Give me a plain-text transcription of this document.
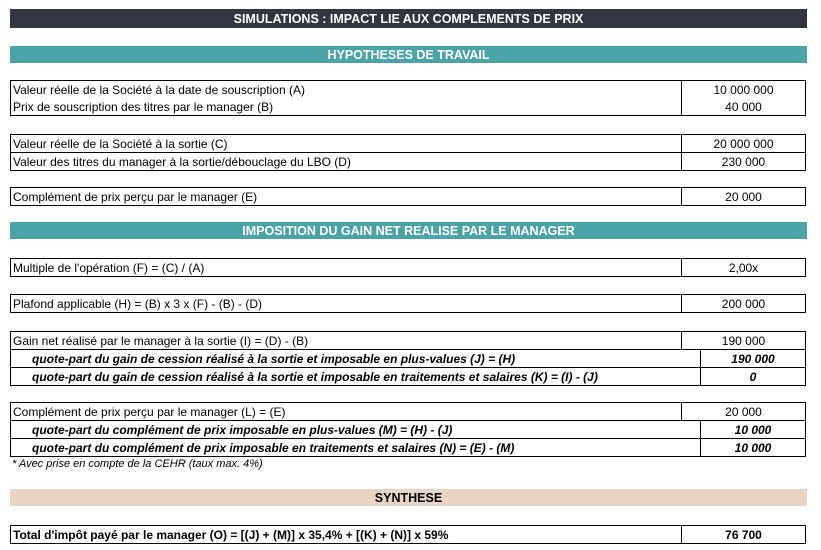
SIMULATIONS : IMPACT LIE AUX COMPLEMENTS DE PRIX
HYPOTHESES DE TRAVAIL
Valeur réelle de la Société à la date de souscription (A)	10 000 000
Prix de souscription des titres par le manager (B)	40 000
Valeur réelle de la Société à la sortie (C)	20 000 000
Valeur des titres du manager à la sortie/débouclage du LBO (D)	230 000
Complément de prix perçu par le manager (E)	20 000
IMPOSITION DU GAIN NET REALISE PAR LE MANAGER
Multiple de l'opération (F) = (C) / (A)	2,00x
Plafond applicable (H) = (B) x 3 x (F) - (B) - (D)	200 000
Gain net réalisé par le manager à la sortie (I) = (D) - (B)	190 000
quote-part du gain de cession réalisé à la sortie et imposable en plus-values (J) = (H)	190 000
quote-part du gain de cession réalisé à la sortie et imposable en traitements et salaires (K) = (I) - (J)	0
Complément de prix perçu par le manager (L) = (E)	20 000
quote-part du complément de prix imposable en plus-values (M) = (H) - (J)	10 000
quote-part du complément de prix imposable en traitements et salaires (N) = (E) - (M)	10 000
* Avec prise en compte de la CEHR (taux max. 4%)
SYNTHESE
Total d'impôt payé par le manager (O) = [(J) + (M)] x 35,4% + [(K) + (N)] x 59%	76 700
